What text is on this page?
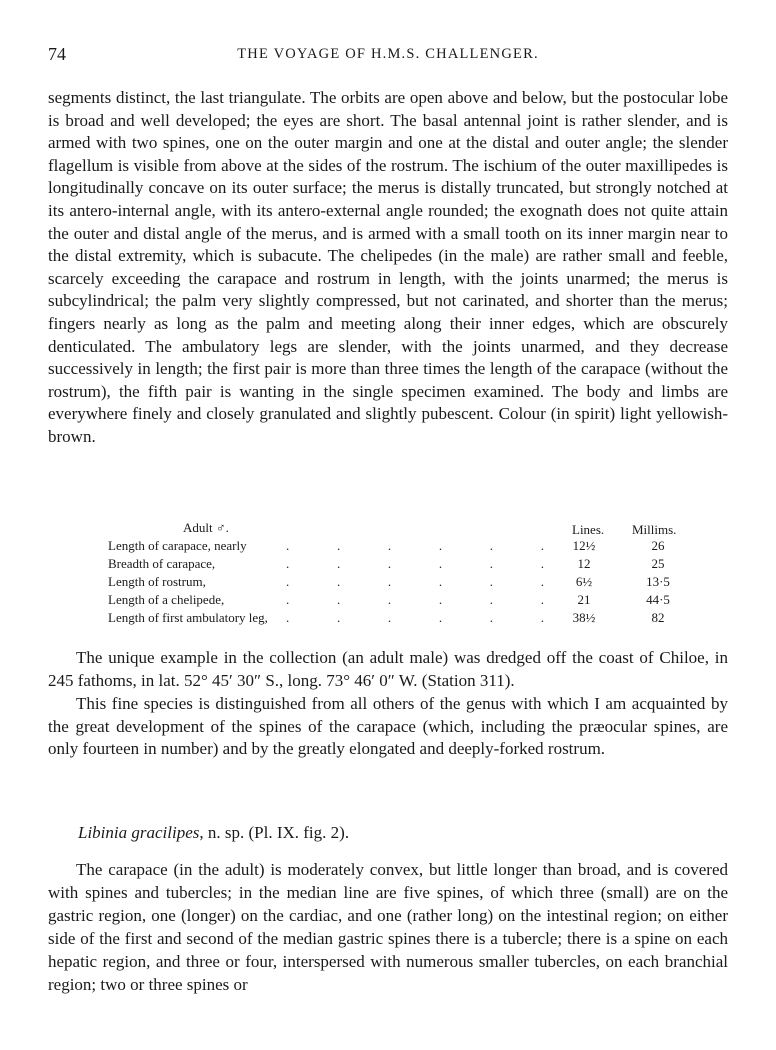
74	THE VOYAGE OF H.M.S. CHALLENGER.

segments distinct, the last triangulate. The orbits are open above and below, but the postocular lobe is broad and well developed; the eyes are short. The basal antennal joint is rather slender, and is armed with two spines, one on the outer margin and one at the distal and outer angle; the slender flagellum is visible from above at the sides of the rostrum. The ischium of the outer maxillipedes is longitudinally concave on its outer surface; the merus is distally truncated, but strongly notched at its antero-internal angle, with its antero-external angle rounded; the exognath does not quite attain the outer and distal angle of the merus, and is armed with a small tooth on its inner margin near to the distal extremity, which is subacute. The chelipedes (in the male) are rather small and feeble, scarcely exceeding the carapace and rostrum in length, with the joints unarmed; the merus is subcylindrical; the palm very slightly compressed, but not carinated, and shorter than the merus; fingers nearly as long as the palm and meeting along their inner edges, which are obscurely denticulated. The ambulatory legs are slender, with the joints unarmed, and they decrease successively in length; the first pair is more than three times the length of the carapace (without the rostrum), the fifth pair is wanting in the single specimen examined. The body and limbs are everywhere finely and closely granulated and slightly pubescent. Colour (in spirit) light yellowish-brown.

Adult ♂.	Lines. Millims.
Length of carapace, nearly	.	.	.	.	.	.	12½	26
Breadth of carapace,	.	.	.	.	.	.	12	25
Length of rostrum,	.	.	.	.	.	.	6½	13·5
Length of a chelipede,	.	.	.	.	.	.	21	44·5
Length of first ambulatory leg, .	.	.	.	.	.	38½	82

The unique example in the collection (an adult male) was dredged off the coast of Chiloe, in 245 fathoms, in lat. 52° 45′ 30″ S., long. 73° 46′ 0″ W. (Station 311).

This fine species is distinguished from all others of the genus with which I am acquainted by the great development of the spines of the carapace (which, including the præocular spines, are only fourteen in number) and by the greatly elongated and deeply-forked rostrum.

Libinia gracilipes, n. sp. (Pl. IX. fig. 2).

The carapace (in the adult) is moderately convex, but little longer than broad, and is covered with spines and tubercles; in the median line are five spines, of which three (small) are on the gastric region, one (longer) on the cardiac, and one (rather long) on the intestinal region; on either side of the first and second of the median gastric spines there is a tubercle; there is a spine on each hepatic region, and three or four, interspersed with numerous smaller tubercles, on each branchial region; two or three spines or
